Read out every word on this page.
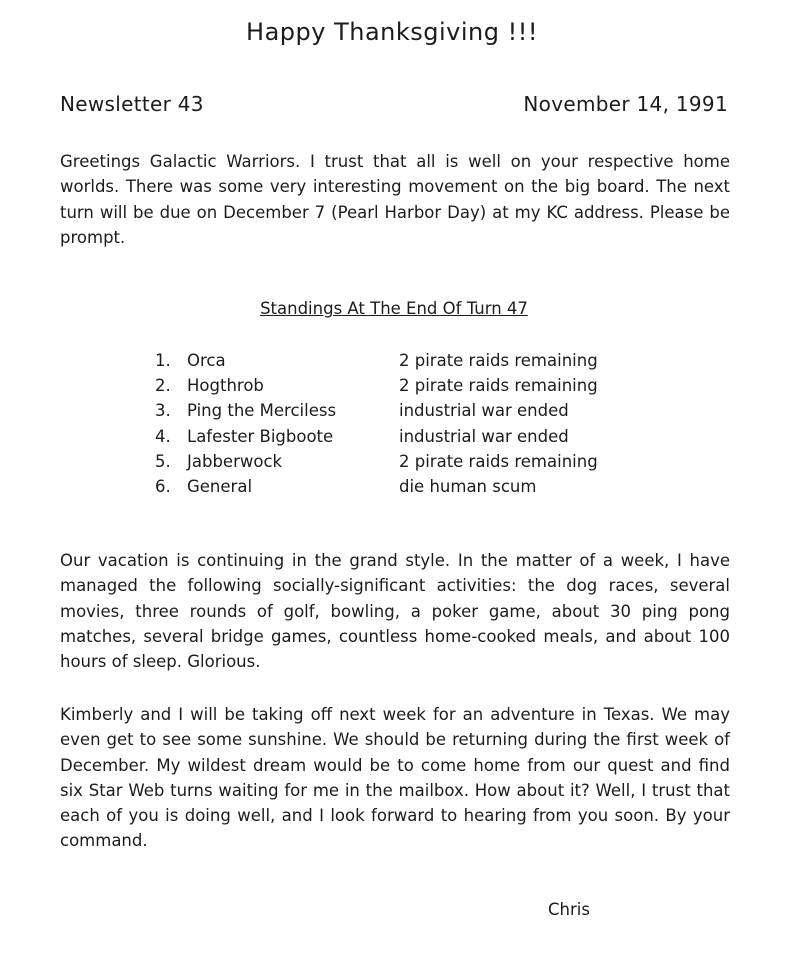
Happy Thanksgiving !!!
Newsletter 43	November 14, 1991

Greetings Galactic Warriors. I trust that all is well on your respective home worlds. There was some very interesting movement on the big board. The next turn will be due on December 7 (Pearl Harbor Day) at my KC address. Please be prompt.

Standings At The End Of Turn 47
1. Orca	2 pirate raids remaining
2. Hogthrob	2 pirate raids remaining
3. Ping the Merciless	industrial war ended
4. Lafester Bigboote	industrial war ended
5. Jabberwock	2 pirate raids remaining
6. General	die human scum

Our vacation is continuing in the grand style. In the matter of a week, I have managed the following socially-significant activities: the dog races, several movies, three rounds of golf, bowling, a poker game, about 30 ping pong matches, several bridge games, countless home-cooked meals, and about 100 hours of sleep. Glorious.

Kimberly and I will be taking off next week for an adventure in Texas. We may even get to see some sunshine. We should be returning during the first week of December. My wildest dream would be to come home from our quest and find six Star Web turns waiting for me in the mailbox. How about it? Well, I trust that each of you is doing well, and I look forward to hearing from you soon. By your command.

Chris
